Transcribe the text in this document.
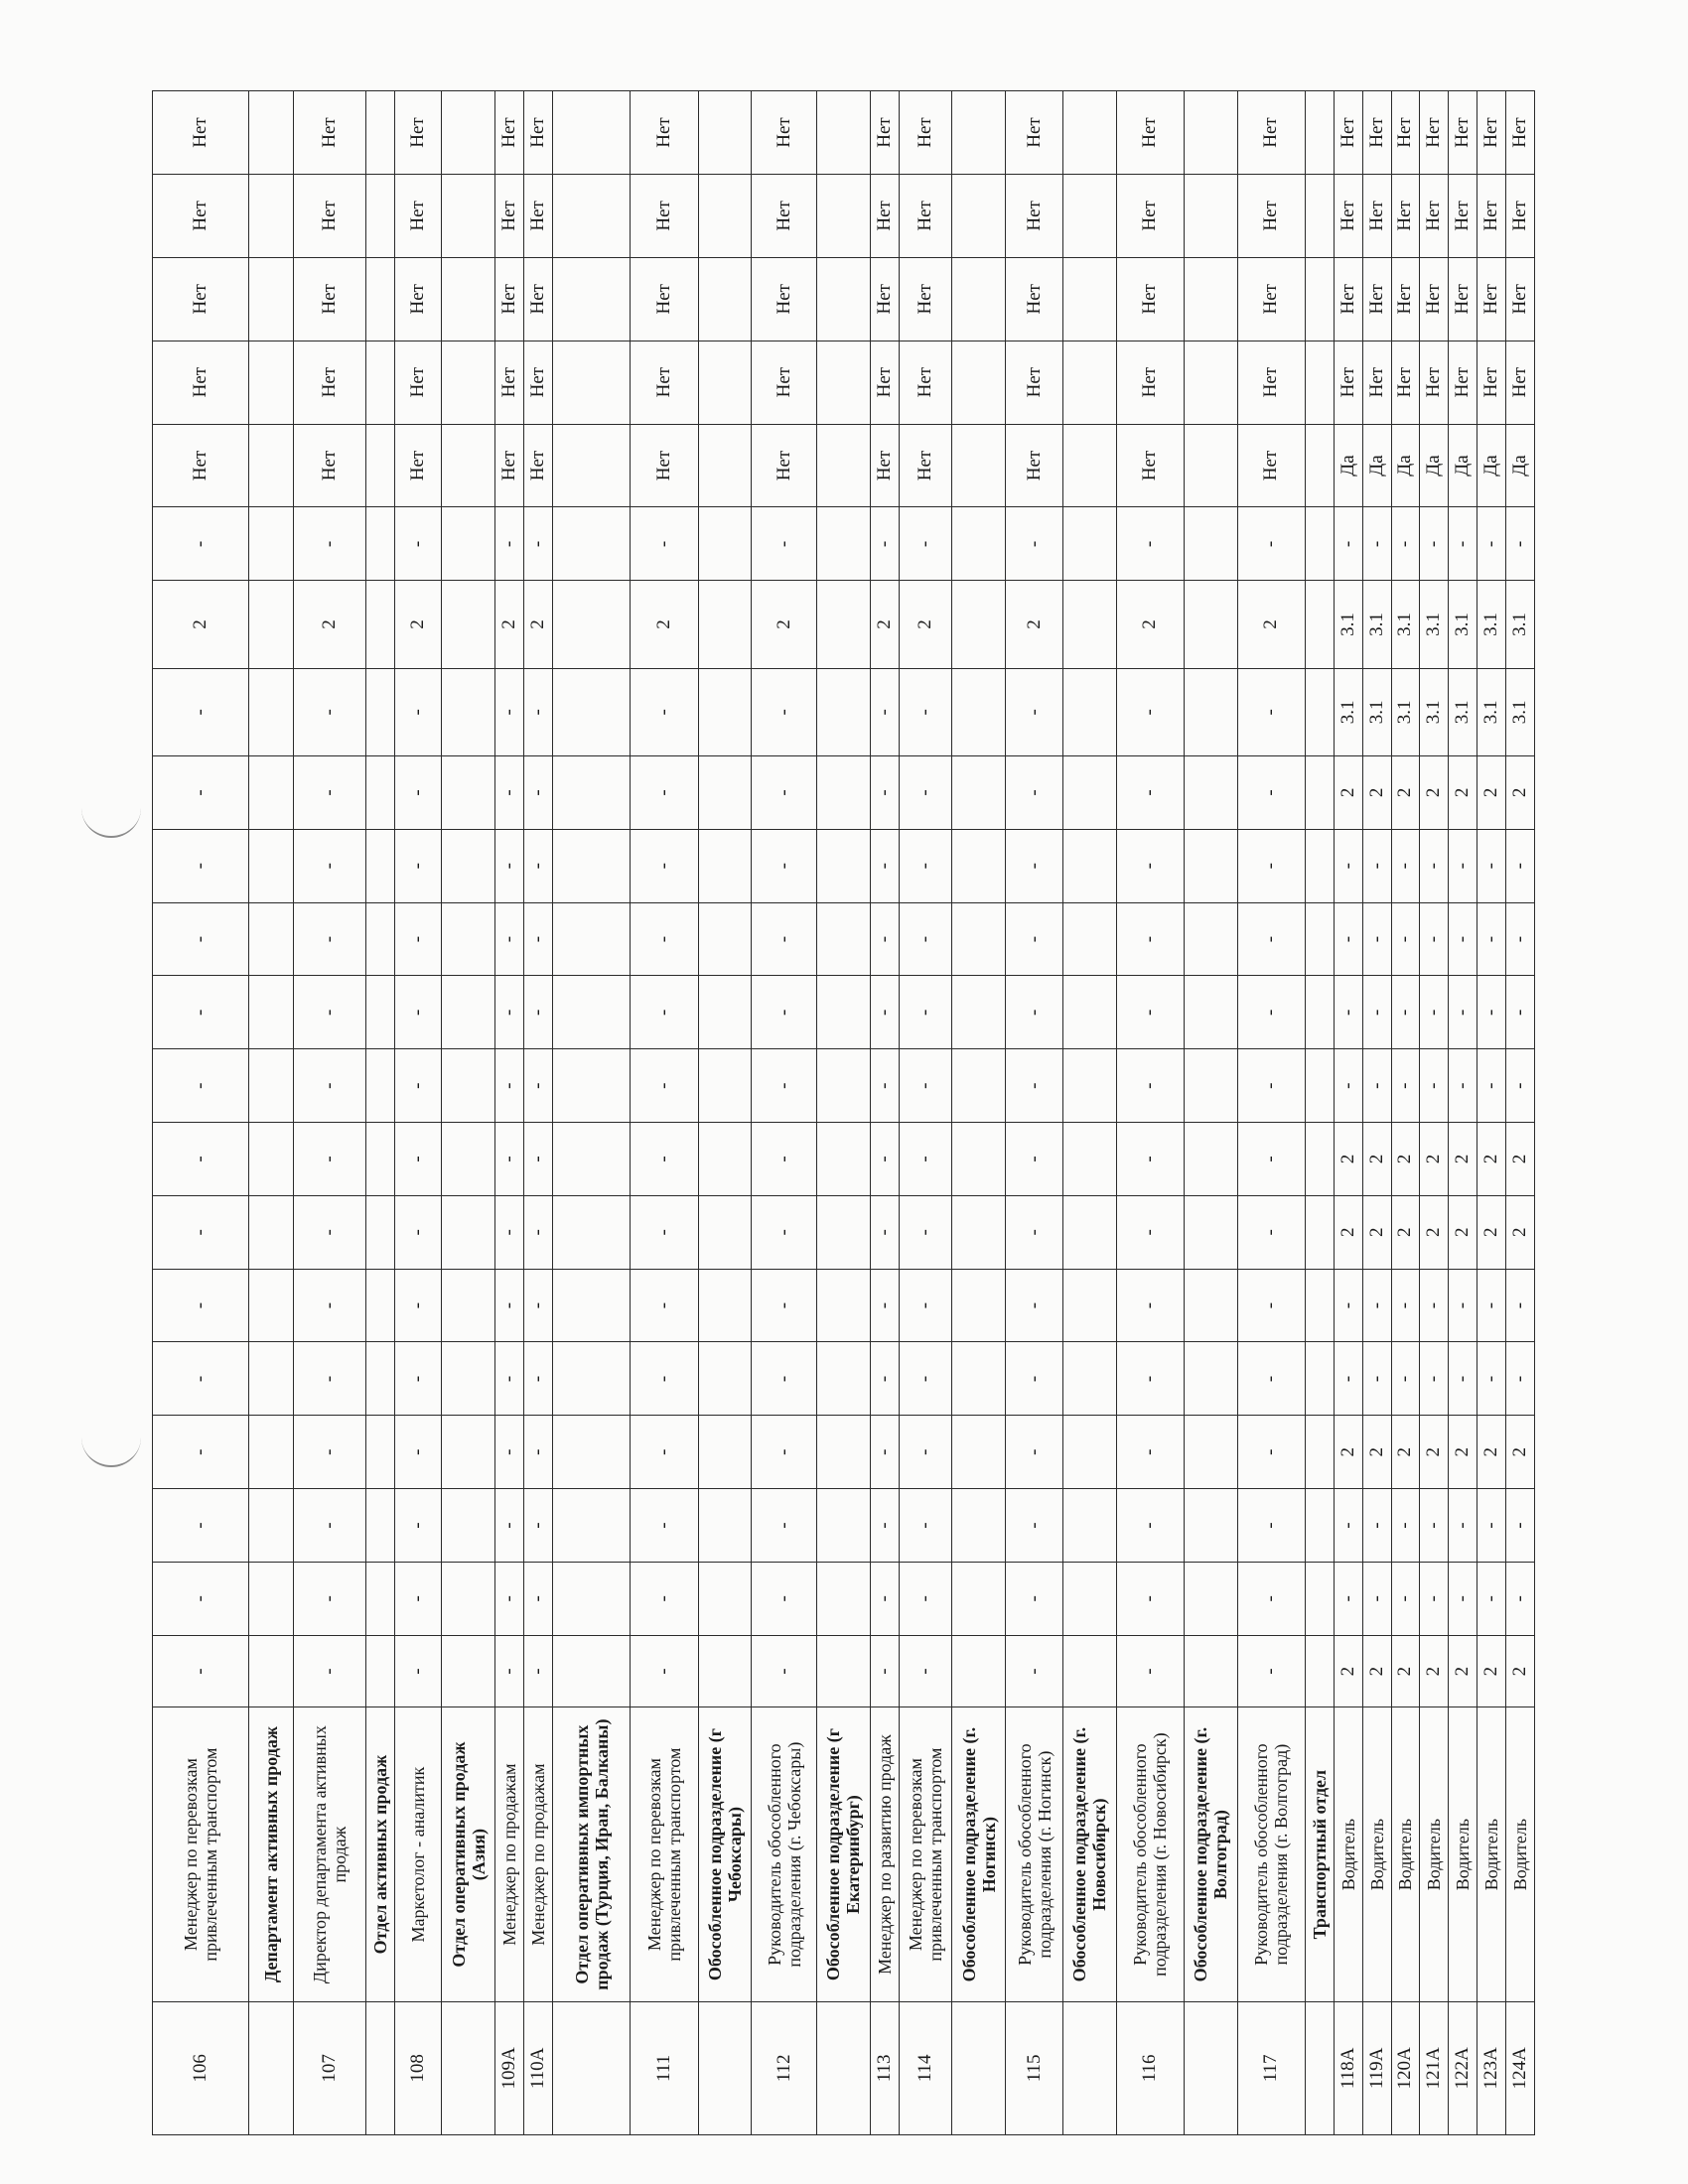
106	Менеджер по перевозкам привлеченным транспортом	-	-	-	-	-	-	-	-	-	-	-	-	-	-	2	-	Нет	Нет	Нет	Нет	Нет
	Департамент активных продаж																					
107	Директор департамента активных продаж	-	-	-	-	-	-	-	-	-	-	-	-	-	-	2	-	Нет	Нет	Нет	Нет	Нет
	Отдел активных продаж																					
108	Маркетолог - аналитик	-	-	-	-	-	-	-	-	-	-	-	-	-	-	2	-	Нет	Нет	Нет	Нет	Нет
	Отдел оперативных продаж (Азия)																					
109А	Менеджер по продажам	-	-	-	-	-	-	-	-	-	-	-	-	-	-	2	-	Нет	Нет	Нет	Нет	Нет
110А	Менеджер по продажам	-	-	-	-	-	-	-	-	-	-	-	-	-	-	2	-	Нет	Нет	Нет	Нет	Нет
	Отдел оперативных импортных продаж (Турция, Иран, Балканы)																					
111	Менеджер по перевозкам привлеченным транспортом	-	-	-	-	-	-	-	-	-	-	-	-	-	-	2	-	Нет	Нет	Нет	Нет	Нет
	Обособленное подразделение (г Чебоксары)																					
112	Руководитель обособленного подразделения (г. Чебоксары)	-	-	-	-	-	-	-	-	-	-	-	-	-	-	2	-	Нет	Нет	Нет	Нет	Нет
	Обособленное подразделение (г Екатеринбург)																					
113	Менеджер по развитию продаж	-	-	-	-	-	-	-	-	-	-	-	-	-	-	2	-	Нет	Нет	Нет	Нет	Нет
114	Менеджер по перевозкам привлеченным транспортом	-	-	-	-	-	-	-	-	-	-	-	-	-	-	2	-	Нет	Нет	Нет	Нет	Нет
	Обособленное подразделение (г. Ногинск)																					
115	Руководитель обособленного подразделения (г. Ногинск)	-	-	-	-	-	-	-	-	-	-	-	-	-	-	2	-	Нет	Нет	Нет	Нет	Нет
	Обособленное подразделение (г. Новосибирск)																					
116	Руководитель обособленного подразделения (г. Новосибирск)	-	-	-	-	-	-	-	-	-	-	-	-	-	-	2	-	Нет	Нет	Нет	Нет	Нет
	Обособленное подразделение (г. Волгоград)																					
117	Руководитель обособленного подразделения (г. Волгоград)	-	-	-	-	-	-	-	-	-	-	-	-	-	-	2	-	Нет	Нет	Нет	Нет	Нет
	Транспортный отдел																					
118А	Водитель	2	-	-	2	-	-	2	2	-	-	-	-	2	3.1	3.1	-	Да	Нет	Нет	Нет	Нет
119А	Водитель	2	-	-	2	-	-	2	2	-	-	-	-	2	3.1	3.1	-	Да	Нет	Нет	Нет	Нет
120А	Водитель	2	-	-	2	-	-	2	2	-	-	-	-	2	3.1	3.1	-	Да	Нет	Нет	Нет	Нет
121А	Водитель	2	-	-	2	-	-	2	2	-	-	-	-	2	3.1	3.1	-	Да	Нет	Нет	Нет	Нет
122А	Водитель	2	-	-	2	-	-	2	2	-	-	-	-	2	3.1	3.1	-	Да	Нет	Нет	Нет	Нет
123А	Водитель	2	-	-	2	-	-	2	2	-	-	-	-	2	3.1	3.1	-	Да	Нет	Нет	Нет	Нет
124А	Водитель	2	-	-	2	-	-	2	2	-	-	-	-	2	3.1	3.1	-	Да	Нет	Нет	Нет	Нет
